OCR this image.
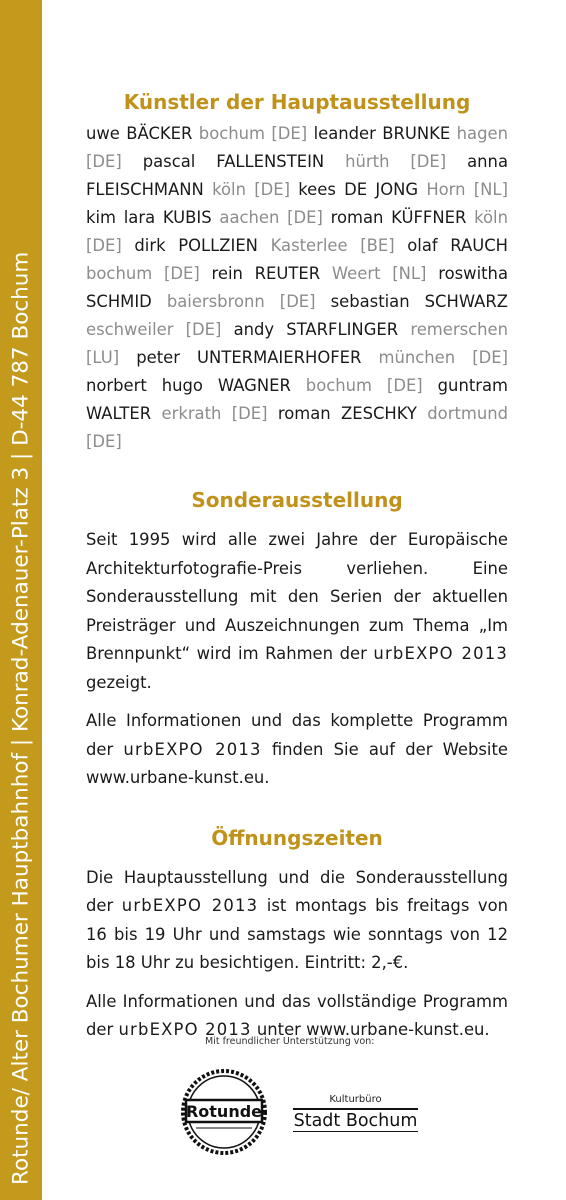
Rotunde/ Alter Bochumer Hauptbahnhof | Konrad-Adenauer-Platz 3 | D-44 787 Bochum
Künstler der Hauptausstellung

uwe BÄCKER bochum [DE] leander BRUNKE hagen [DE] pascal FALLENSTEIN hürth [DE] anna FLEISCHMANN köln [DE] kees DE JONG Horn [NL] kim lara KUBIS aachen [DE] roman KÜFFNER köln [DE] dirk POLLZIEN Kasterlee [BE] olaf RAUCH bochum [DE] rein REUTER Weert [NL] roswitha SCHMID baiersbronn [DE] sebastian SCHWARZ eschweiler [DE] andy STARFLINGER remerschen [LU] peter UNTERMAIERHOFER münchen [DE] norbert hugo WAGNER bochum [DE] guntram WALTER erkrath [DE] roman ZESCHKY dortmund [DE]

Sonderausstellung

Seit 1995 wird alle zwei Jahre der Europäische Architekturfotografie-Preis verliehen. Eine Sonderausstellung mit den Serien der aktuellen Preisträger und Auszeichnungen zum Thema „Im Brennpunkt“ wird im Rahmen der urbEXPO 2013 gezeigt.

Alle Informationen und das komplette Programm der urbEXPO 2013 finden Sie auf der Website www.urbane-kunst.eu.

Öffnungszeiten

Die Hauptausstellung und die Sonderausstellung der urbEXPO 2013 ist montags bis freitags von 16 bis 19 Uhr und samstags wie sonntags von 12 bis 18 Uhr zu besichtigen. Eintritt: 2,-€.

Alle Informationen und das vollständige Programm der urbEXPO 2013 unter www.urbane-kunst.eu.

Mit freundlicher Unterstützung von:
Rotunde
Kulturbüro
Stadt Bochum
